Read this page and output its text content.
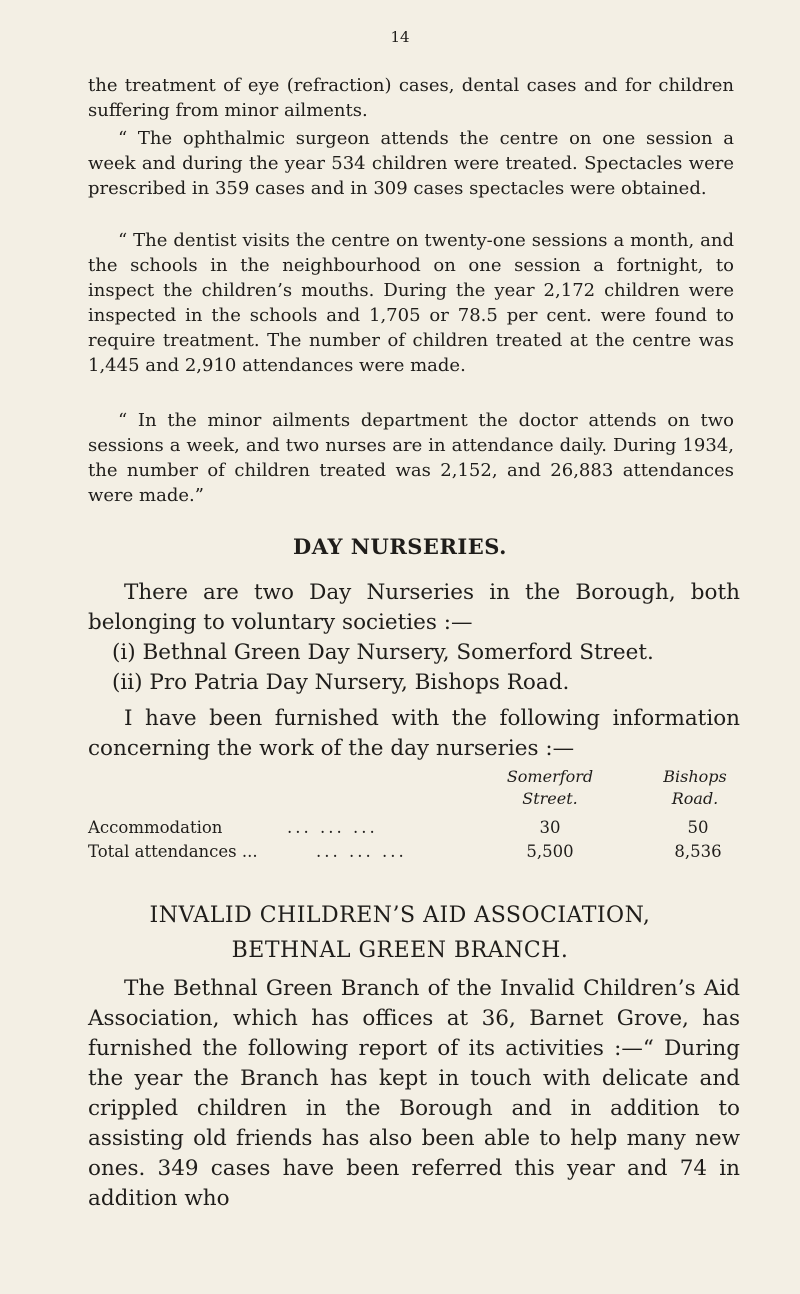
14

the treatment of eye (refraction) cases, dental cases and for children suffering from minor ailments.

“ The ophthalmic surgeon attends the centre on one session a week and during the year 534 children were treated. Spectacles were prescribed in 359 cases and in 309 cases spectacles were obtained.

“ The dentist visits the centre on twenty-one sessions a month, and the schools in the neighbourhood on one session a fortnight, to inspect the children’s mouths. During the year 2,172 children were inspected in the schools and 1,705 or 78.5 per cent. were found to require treatment. The number of children treated at the centre was 1,445 and 2,910 attendances were made.

“ In the minor ailments department the doctor attends on two sessions a week, and two nurses are in attendance daily. During 1934, the number of children treated was 2,152, and 26,883 attendances were made.”

DAY NURSERIES.

There are two Day Nurseries in the Borough, both belonging to voluntary societies :—

(i) Bethnal Green Day Nursery, Somerford Street.
(ii) Pro Patria Day Nursery, Bishops Road.

I have been furnished with the following information concerning the work of the day nurseries :—

Somerford
Street.
Bishops
Road.
Accommodation	... ... ...	30	50
Total attendances ...	... ... ...	5,500	8,536
INVALID CHILDREN’S AID ASSOCIATION,
BETHNAL GREEN BRANCH.

The Bethnal Green Branch of the Invalid Children’s Aid Association, which has offices at 36, Barnet Grove, has furnished the following report of its activities :—“ During the year the Branch has kept in touch with delicate and crippled children in the Borough and in addition to assisting old friends has also been able to help many new ones. 349 cases have been referred this year and 74 in addition who
